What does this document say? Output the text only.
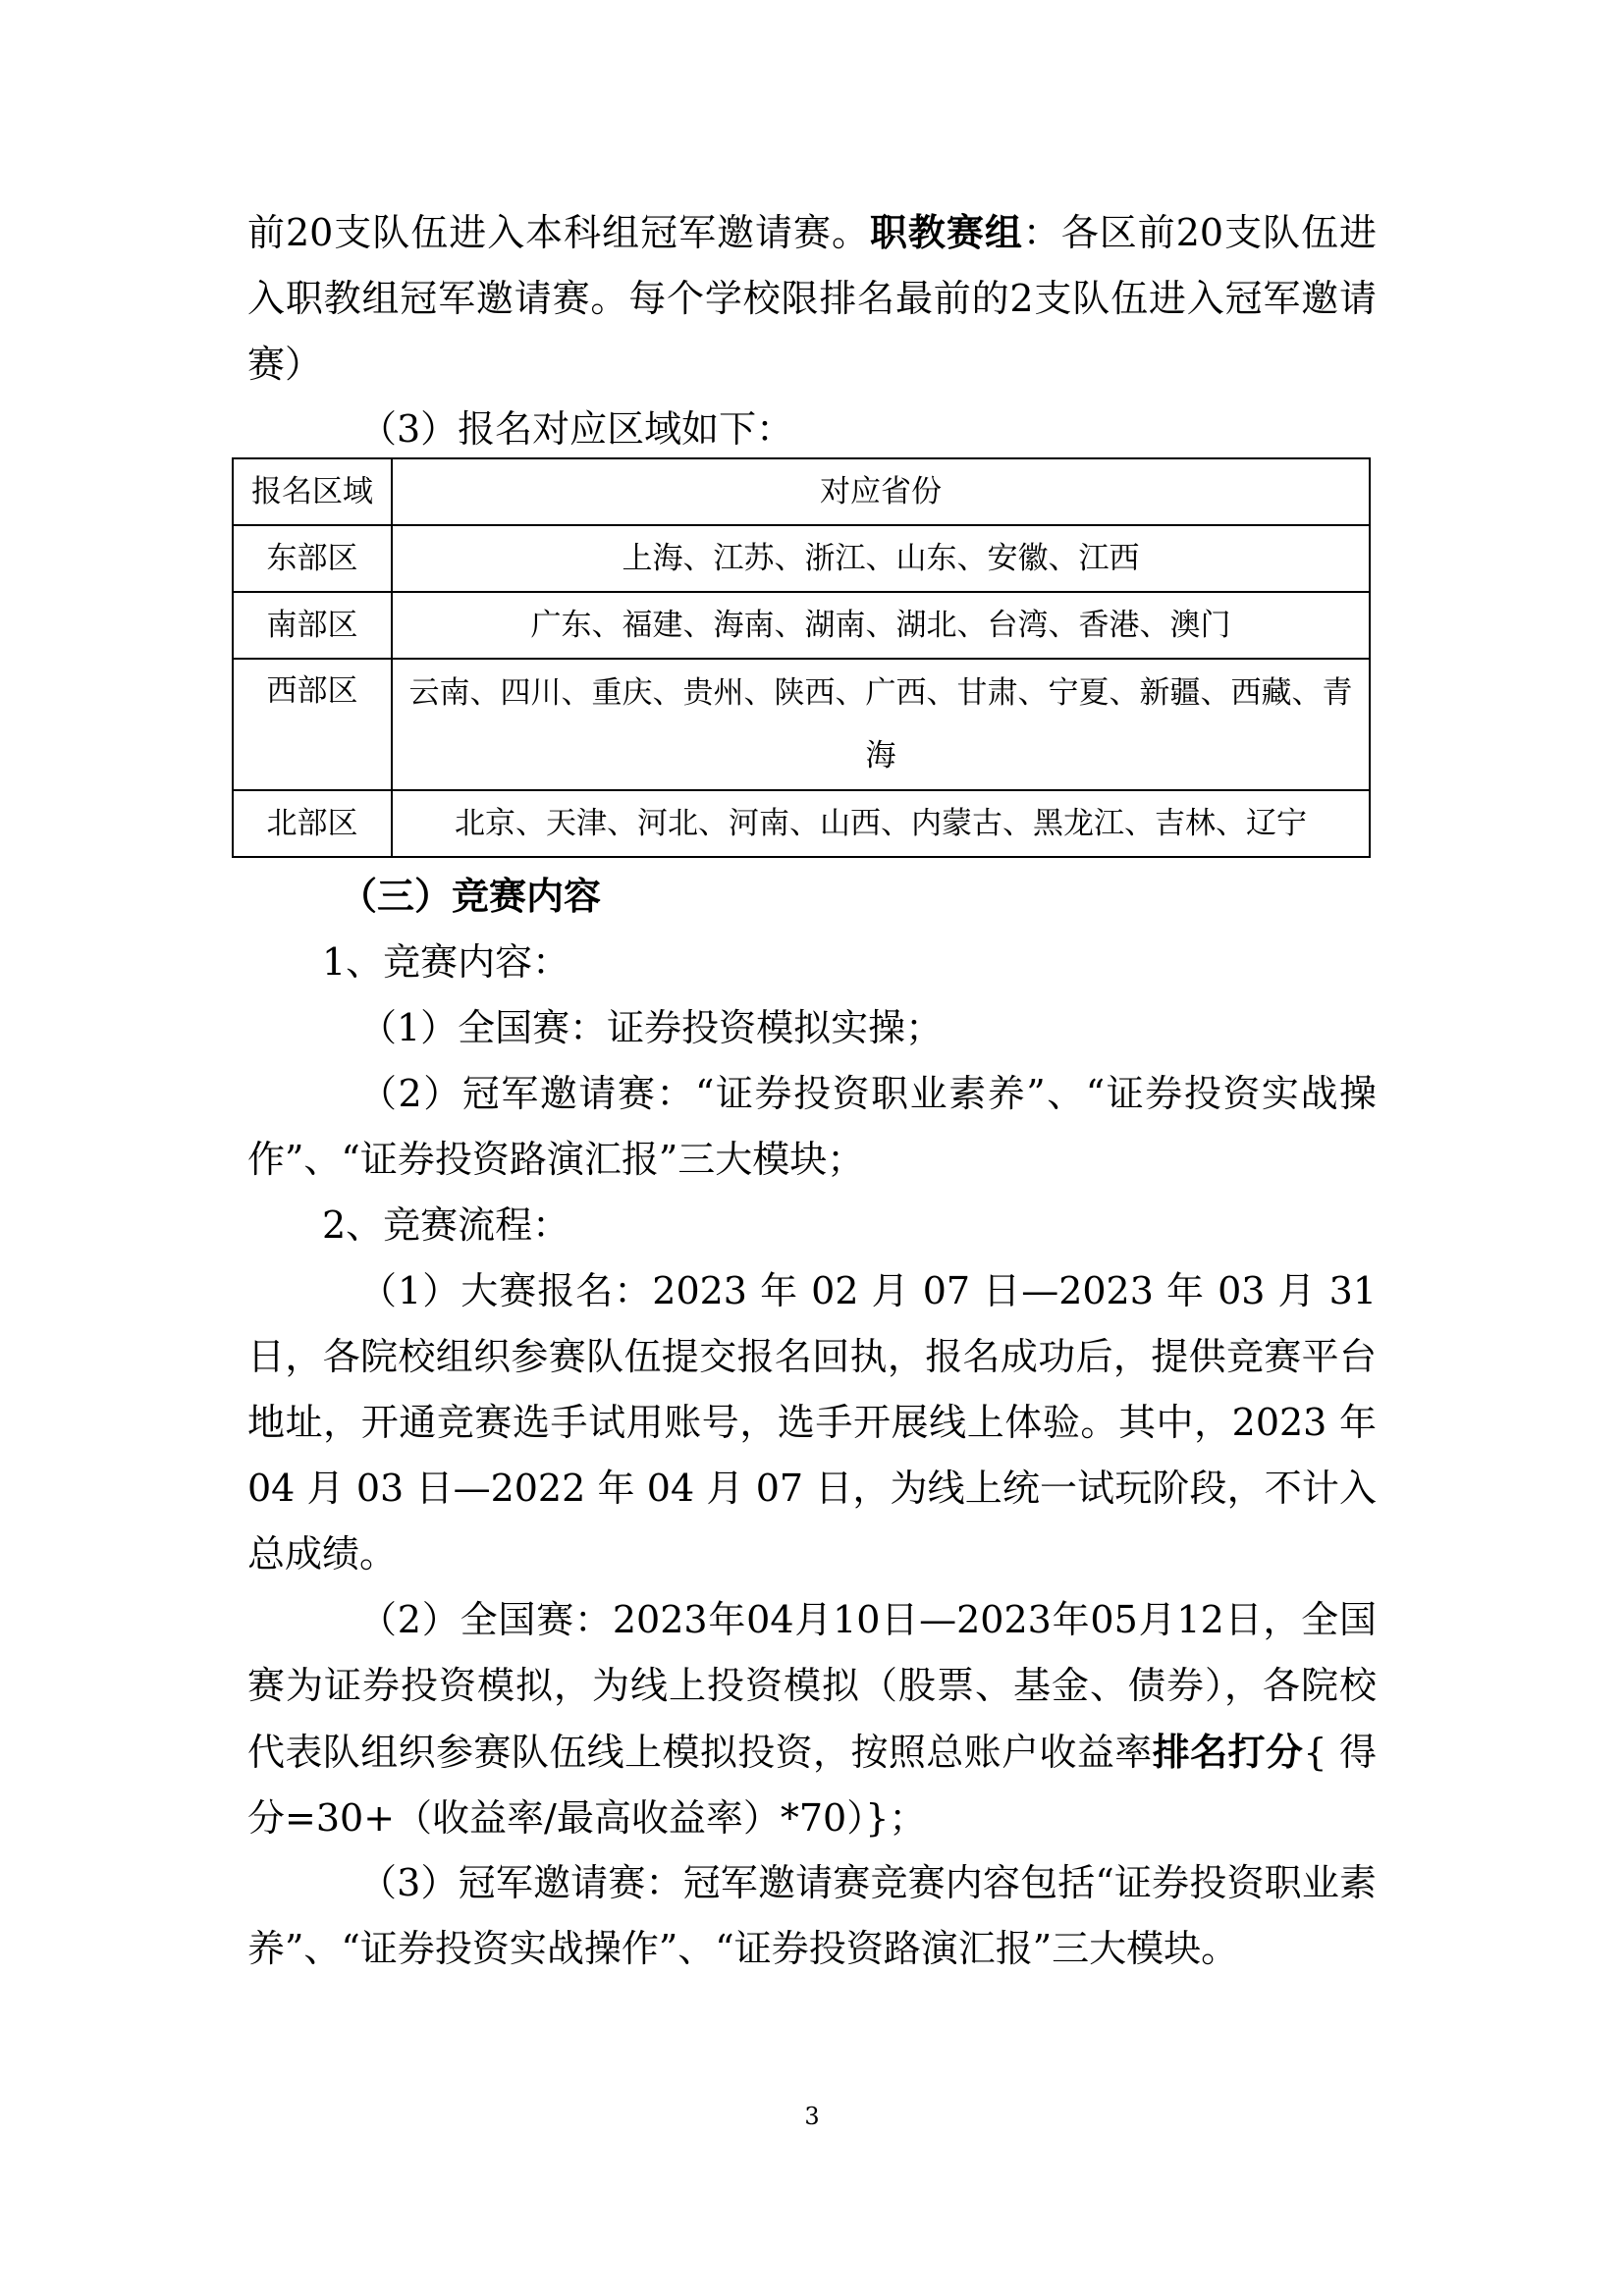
前20支队伍进入本科组冠军邀请赛。职教赛组：各区前20支队伍进入职教组冠军邀请赛。每个学校限排名最前的2支队伍进入冠军邀请赛）

（3）报名对应区域如下：

报名区域	对应省份
东部区	上海、江苏、浙江、山东、安徽、江西
南部区	广东、福建、海南、湖南、湖北、台湾、香港、澳门
西部区	云南、四川、重庆、贵州、陕西、广西、甘肃、宁夏、新疆、西藏、青海
北部区	北京、天津、河北、河南、山西、内蒙古、黑龙江、吉林、辽宁

（三）竞赛内容

1、竞赛内容：

（1）全国赛：证券投资模拟实操；

（2）冠军邀请赛：“证券投资职业素养”、“证券投资实战操作”、“证券投资路演汇报”三大模块；

2、竞赛流程：

（1）大赛报名：2023 年 02 月 07 日—2023 年 03 月 31 日，各院校组织参赛队伍提交报名回执，报名成功后，提供竞赛平台地址，开通竞赛选手试用账号，选手开展线上体验。其中，2023 年 04 月 03 日—2022 年 04 月 07 日，为线上统一试玩阶段，不计入总成绩。

（2）全国赛：2023年04月10日—2023年05月12日，全国赛为证券投资模拟，为线上投资模拟（股票、基金、债券），各院校代表队组织参赛队伍线上模拟投资，按照总账户收益率排名打分{ 得分=30+（收益率/最高收益率）*70）}；

（3）冠军邀请赛：冠军邀请赛竞赛内容包括“证券投资职业素养”、“证券投资实战操作”、“证券投资路演汇报”三大模块。

3
